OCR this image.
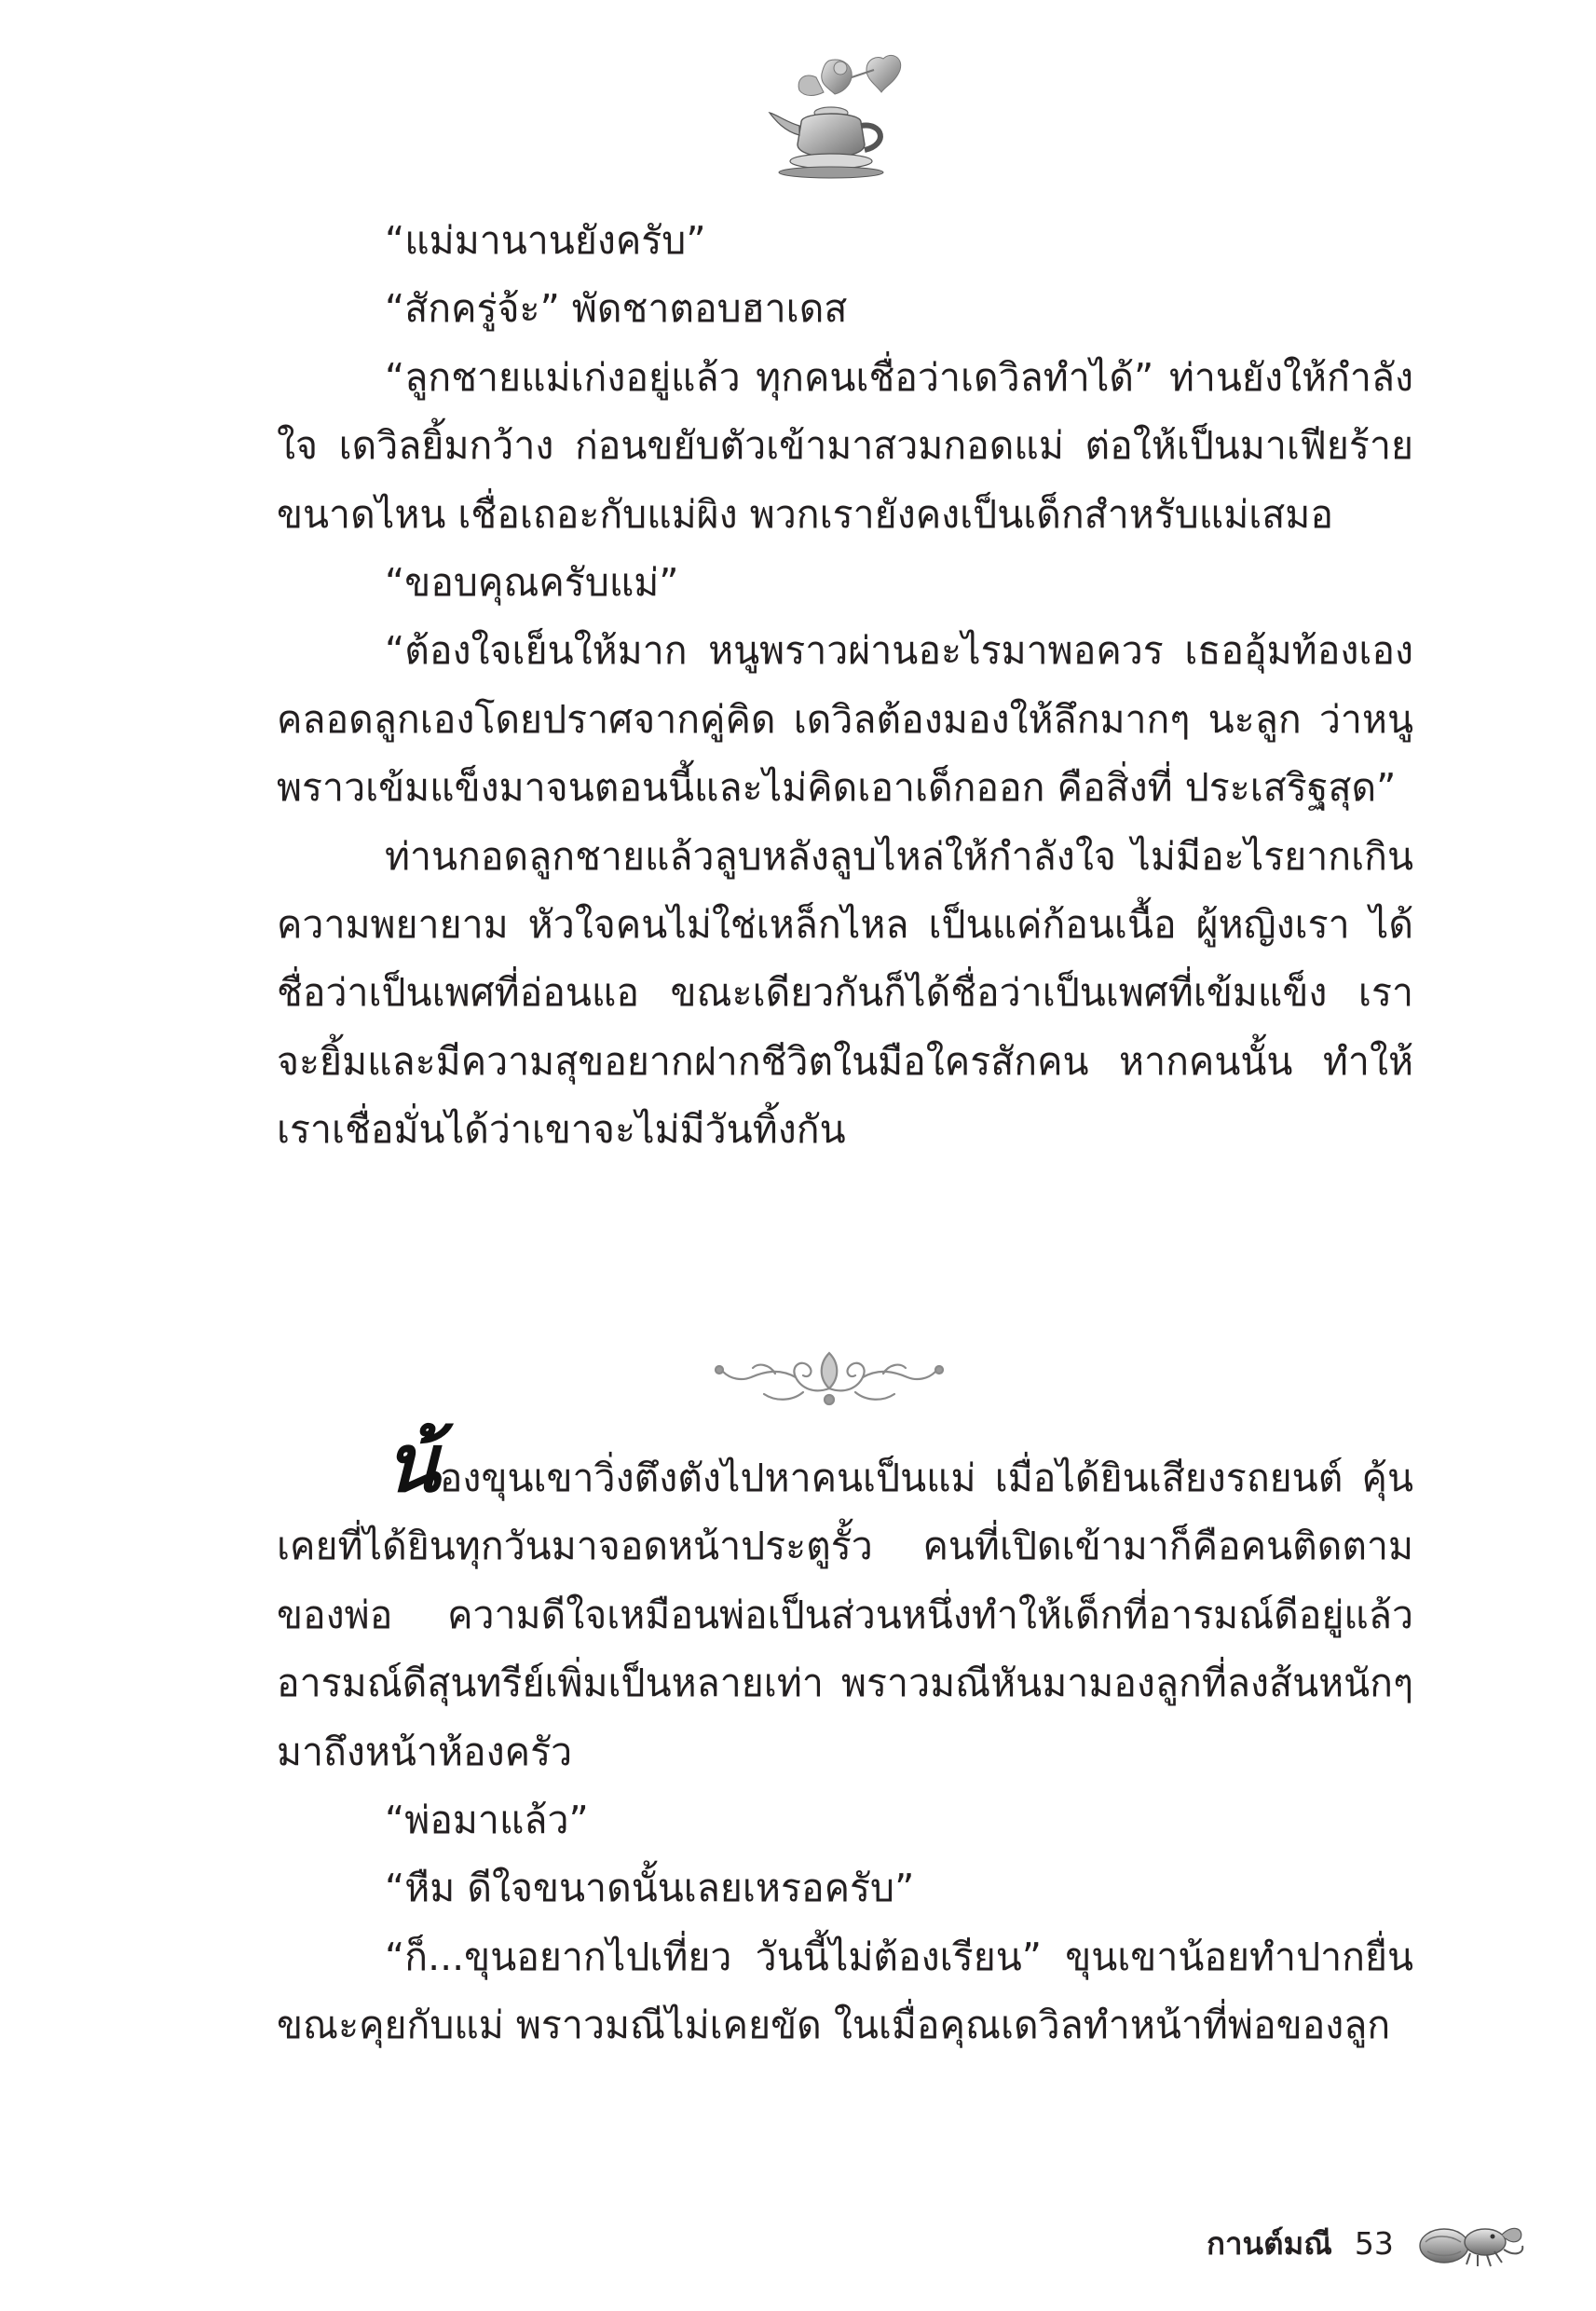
“แม่มานานยังครับ”

“สักครู่จ้ะ” พัดชาตอบฮาเดส

“ลูกชายแม่เก่งอยู่แล้ว ทุกคนเชื่อว่าเดวิลทำได้” ท่านยังให้กำลังใจ เดวิลยิ้มกว้าง ก่อนขยับตัวเข้ามาสวมกอดแม่ ต่อให้เป็นมาเฟียร้าย ขนาดไหน เชื่อเถอะกับแม่ผิง พวกเรายังคงเป็นเด็กสำหรับแม่เสมอ

“ขอบคุณครับแม่”

“ต้องใจเย็นให้มาก หนูพราวผ่านอะไรมาพอควร เธออุ้มท้องเอง คลอดลูกเองโดยปราศจากคู่คิด เดวิลต้องมองให้ลึกมากๆ นะลูก ว่าหนูพราวเข้มแข็งมาจนตอนนี้และไม่คิดเอาเด็กออก คือสิ่งที่ ประเสริฐสุด”

ท่านกอดลูกชายแล้วลูบหลังลูบไหล่ให้กำลังใจ ไม่มีอะไรยากเกิน ความพยายาม หัวใจคนไม่ใช่เหล็กไหล เป็นแค่ก้อนเนื้อ ผู้หญิงเรา ได้ชื่อว่าเป็นเพศที่อ่อนแอ ขณะเดียวกันก็ได้ชื่อว่าเป็นเพศที่เข้มแข็ง เราจะยิ้มและมีความสุขอยากฝากชีวิตในมือใครสักคน หากคนนั้น ทำให้เราเชื่อมั่นได้ว่าเขาจะไม่มีวันทิ้งกัน

น้องขุนเขาวิ่งตึงตังไปหาคนเป็นแม่ เมื่อได้ยินเสียงรถยนต์ คุ้นเคยที่ได้ยินทุกวันมาจอดหน้าประตูรั้ว คนที่เปิดเข้ามาก็คือคนติดตาม ของพ่อ ความดีใจเหมือนพ่อเป็นส่วนหนึ่งทำให้เด็กที่อารมณ์ดีอยู่แล้ว อารมณ์ดีสุนทรีย์เพิ่มเป็นหลายเท่า พราวมณีหันมามองลูกที่ลงส้นหนักๆ มาถึงหน้าห้องครัว

“พ่อมาแล้ว”

“หืม ดีใจขนาดนั้นเลยเหรอครับ”

“ก็...ขุนอยากไปเที่ยว วันนี้ไม่ต้องเรียน” ขุนเขาน้อยทำปากยื่น ขณะคุยกับแม่ พราวมณีไม่เคยขัด ในเมื่อคุณเดวิลทำหน้าที่พ่อของลูก

กานต์มณี 53
